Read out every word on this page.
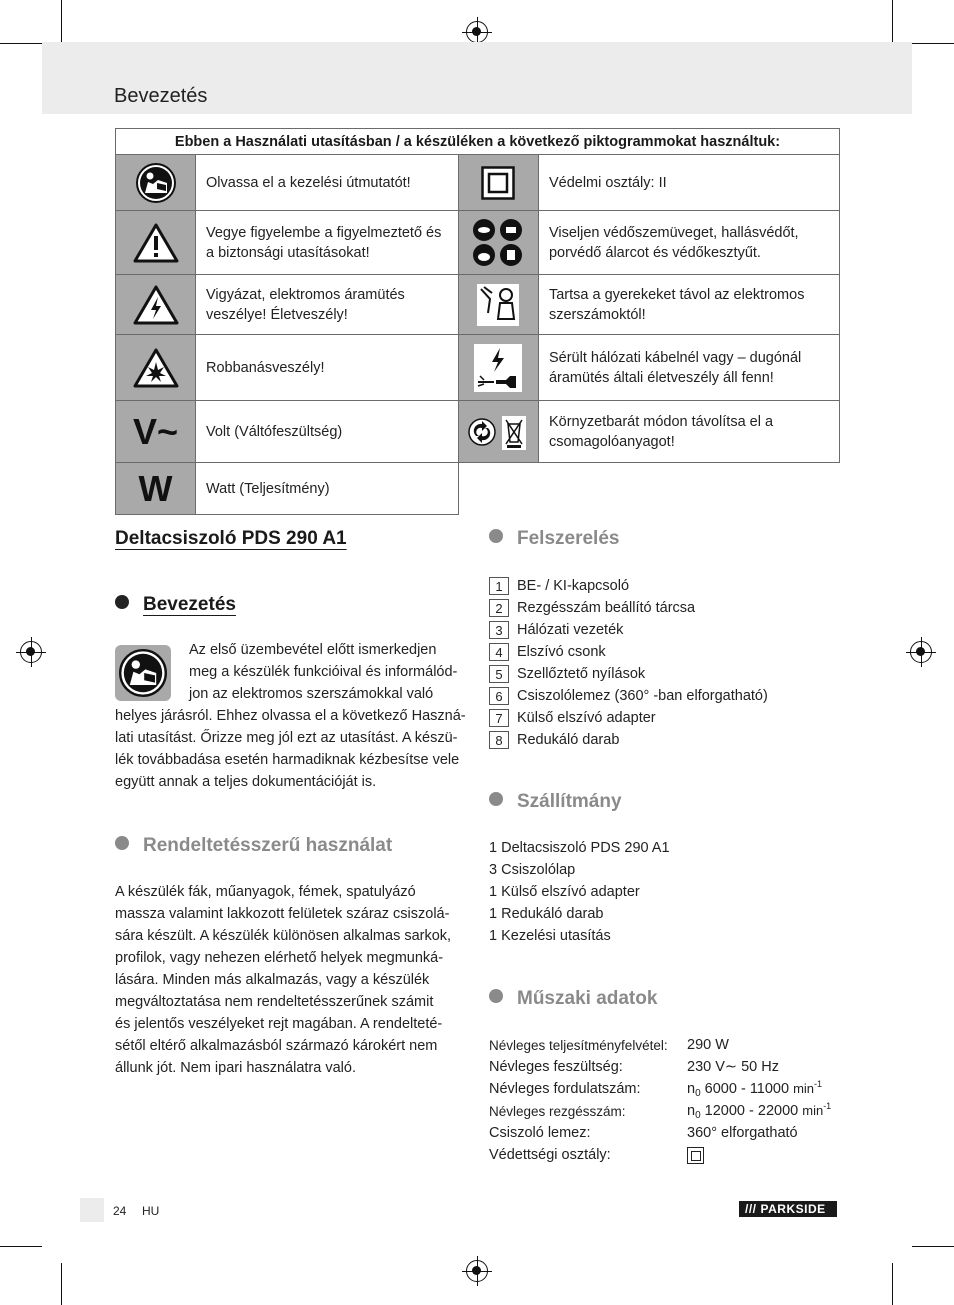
Bevezetés
Ebben a Használati utasításban / a készüléken a következő piktogrammokat használtuk:			
	Olvassa el a kezelési útmutatót!		Védelmi osztály: II
	Vegye figyelembe a figyelmeztető és a biztonsági utasításokat!		Viseljen védőszemüveget, hallásvédőt, porvédő álarcot és védőkesztyűt.
	Vigyázat, elektromos áramütés veszélye! Életveszély!		Tartsa a gyerekeket távol az elektromos szerszámoktól!
	Robbanásveszély!		Sérült hálózati kábelnél vagy – dugónál áramütés általi életveszély áll fenn!
V~	Volt (Váltófeszültség)		Környzetbarát módon távolítsa el a csomagolóanyagot!
W	Watt (Teljesítmény)		
Deltacsiszoló PDS 290 A1
Bevezetés
Az első üzembevétel előtt ismerkedjen
meg a készülék funkcióival és informálód-
jon az elektromos szerszámokkal való
helyes járásról. Ehhez olvassa el a következő Haszná-
lati utasítást. Őrizze meg jól ezt az utasítást. A készü-
lék továbbadása esetén harmadiknak kézbesítse vele
együtt annak a teljes dokumentációját is.
Rendeltetésszerű használat
A készülék fák, műanyagok, fémek, spatulyázó
massza valamint lakkozott felületek száraz csiszolá-
sára készült. A készülék különösen alkalmas sarkok,
profilok, vagy nehezen elérhető helyek megmunká-
lására. Minden más alkalmazás, vagy a készülék
megváltoztatása nem rendeltetésszerűnek számit
és jelentős veszélyeket rejt magában. A rendelteté-
sétől eltérő alkalmazásból származó károkért nem
állunk jót. Nem ipari használatra való.
Felszerelés
1 BE- / KI-kapcsoló
2 Rezgésszám beállító tárcsa
3 Hálózati vezeték
4 Elszívó csonk
5 Szellőztető nyílások
6 Csiszolólemez (360° -ban elforgatható)
7 Külső elszívó adapter
8 Redukáló darab
Szállítmány
1 Deltacsiszoló PDS 290 A1
3 Csiszolólap
1 Külső elszívó adapter
1 Redukáló darab
1 Kezelési utasítás
Műszaki adatok
Névleges teljesítményfelvétel:	290 W
Névleges feszültség:	230 V∼ 50 Hz
Névleges fordulatszám:	$n_0$ 6000 - 11000 $\min^{-1}$
Névleges rezgésszám:	$n_0$ 12000 - 22000 $\min^{-1}$
Csiszoló lemez:	360° elforgatható
Védettségi osztály:
24 HU	/// PARKSIDE
